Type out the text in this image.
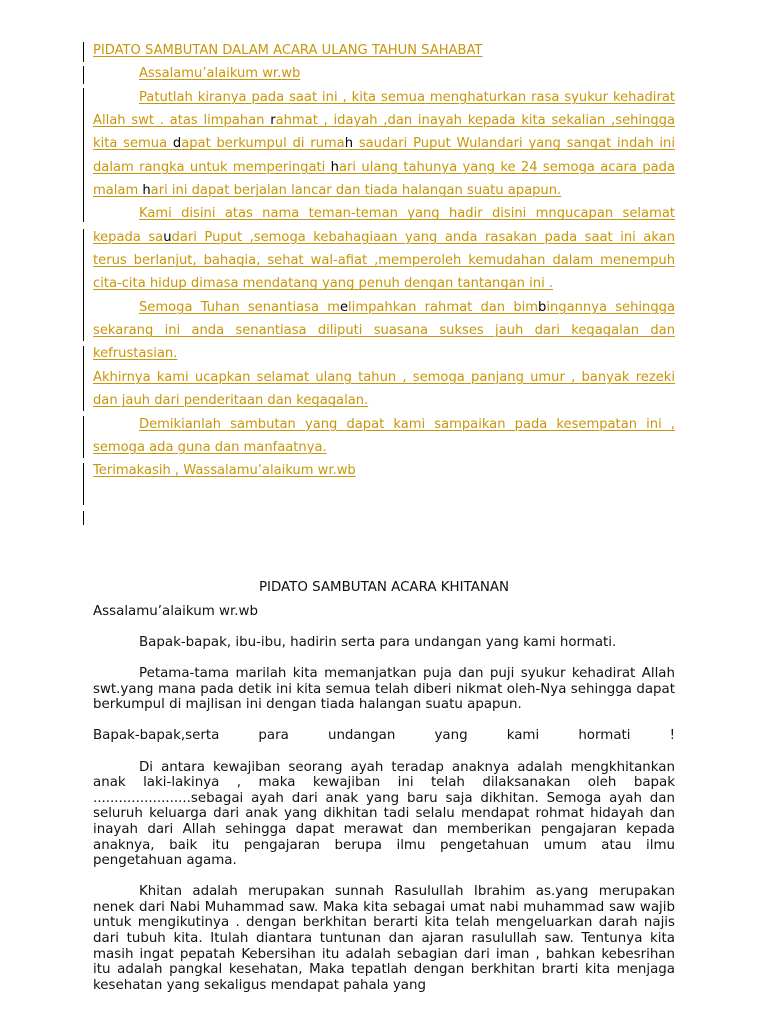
PIDATO SAMBUTAN DALAM ACARA ULANG TAHUN SAHABAT

Assalamu’alaikum wr.wb

Patutlah kiranya pada saat ini , kita semua menghaturkan rasa syukur kehadirat Allah swt . atas limpahan rahmat , idayah ,dan inayah kepada kita sekalian ,sehingga kita semua dapat berkumpul di rumah saudari Puput Wulandari yang sangat indah ini dalam rangka untuk memperingati hari ulang tahunya yang ke 24 semoga acara pada malam hari ini dapat berjalan lancar dan tiada halangan suatu apapun.

Kami disini atas nama teman-teman yang hadir disini mngucapan selamat kepada saudari Puput ,semoga kebahagiaan yang anda rasakan pada saat ini akan terus berlanjut, bahagia, sehat wal-afiat ,memperoleh kemudahan dalam menempuh cita-cita hidup dimasa mendatang yang penuh dengan tantangan ini .

Semoga Tuhan senantiasa melimpahkan rahmat dan bimbingannya sehingga sekarang ini anda senantiasa diliputi suasana sukses jauh dari kegagalan dan kefrustasian.

Akhirnya kami ucapkan selamat ulang tahun , semoga panjang umur , banyak rezeki dan jauh dari penderitaan dan kegagalan.

Demikianlah sambutan yang dapat kami sampaikan pada kesempatan ini , semoga ada guna dan manfaatnya.

Terimakasih , Wassalamu’alaikum wr.wb

PIDATO SAMBUTAN ACARA KHITANAN

Assalamu’alaikum wr.wb

Bapak-bapak, ibu-ibu, hadirin serta para undangan yang kami hormati.

Petama-tama marilah kita memanjatkan puja dan puji syukur kehadirat Allah swt.yang mana pada detik ini kita semua telah diberi nikmat oleh-Nya sehingga dapat berkumpul di majlisan ini dengan tiada halangan suatu apapun.

Bapak-bapak,serta para undangan yang kami hormati !

Di antara kewajiban seorang ayah teradap anaknya adalah mengkhitankan anak laki-lakinya , maka kewajiban ini telah dilaksanakan oleh bapak .......................sebagai ayah dari anak yang baru saja dikhitan. Semoga ayah dan seluruh keluarga dari anak yang dikhitan tadi selalu mendapat rohmat hidayah dan inayah dari Allah sehingga dapat merawat dan memberikan pengajaran kepada anaknya, baik itu pengajaran berupa ilmu pengetahuan umum atau ilmu pengetahuan agama.

Khitan adalah merupakan sunnah Rasulullah Ibrahim as.yang merupakan nenek dari Nabi Muhammad saw. Maka kita sebagai umat nabi muhammad saw wajib untuk mengikutinya . dengan berkhitan berarti kita telah mengeluarkan darah najis dari tubuh kita. Itulah diantara tuntunan dan ajaran rasulullah saw. Tentunya kita masih ingat pepatah Kebersihan itu adalah sebagian dari iman , bahkan kebesrihan itu adalah pangkal kesehatan, Maka tepatlah dengan berkhitan brarti kita menjaga kesehatan yang sekaligus mendapat pahala yang
